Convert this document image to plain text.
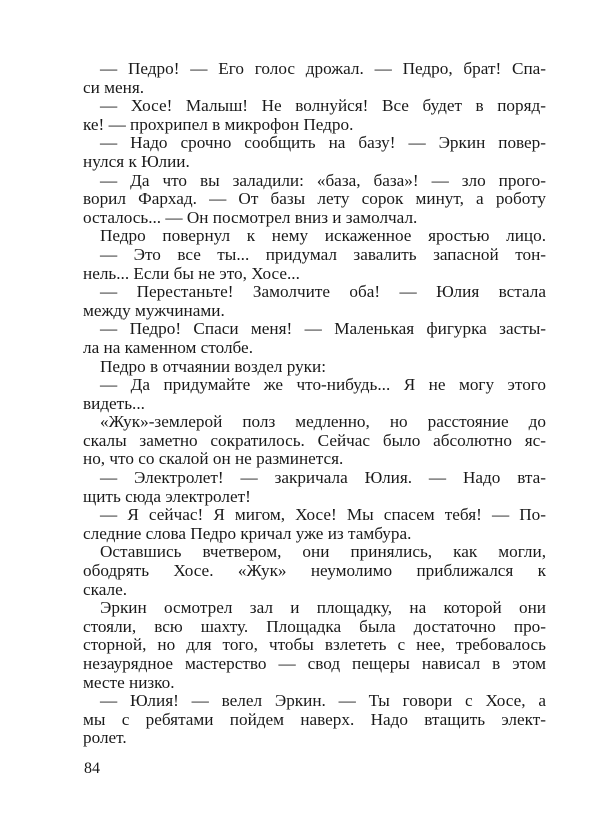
— Педро! — Его голос дрожал. — Педро, брат! Спа-
си меня.
— Хосе! Малыш! Не волнуйся! Все будет в поряд-
ке! — прохрипел в микрофон Педро.
— Надо срочно сообщить на базу! — Эркин повер-
нулся к Юлии.
— Да что вы заладили: «база, база»! — зло прого-
ворил Фархад. — От базы лету сорок минут, а роботу
осталось... — Он посмотрел вниз и замолчал.
Педро повернул к нему искаженное яростью лицо.
— Это все ты... придумал завалить запасной тон-
нель... Если бы не это, Хосе...
— Перестаньте! Замолчите оба! — Юлия встала
между мужчинами.
— Педро! Спаси меня! — Маленькая фигурка засты-
ла на каменном столбе.
Педро в отчаянии воздел руки:
— Да придумайте же что-нибудь... Я не могу этого
видеть...
«Жук»-землерой полз медленно, но расстояние до
скалы заметно сократилось. Сейчас было абсолютно яс-
но, что со скалой он не разминется.
— Электролет! — закричала Юлия. — Надо вта-
щить сюда электролет!
— Я сейчас! Я мигом, Хосе! Мы спасем тебя! — По-
следние слова Педро кричал уже из тамбура.
Оставшись вчетвером, они принялись, как могли,
ободрять Хосе. «Жук» неумолимо приближался к
скале.
Эркин осмотрел зал и площадку, на которой они
стояли, всю шахту. Площадка была достаточно про-
сторной, но для того, чтобы взлететь с нее, требовалось
незаурядное мастерство — свод пещеры нависал в этом
месте низко.
— Юлия! — велел Эркин. — Ты говори с Хосе, а
мы с ребятами пойдем наверх. Надо втащить элект-
ролет.
84
